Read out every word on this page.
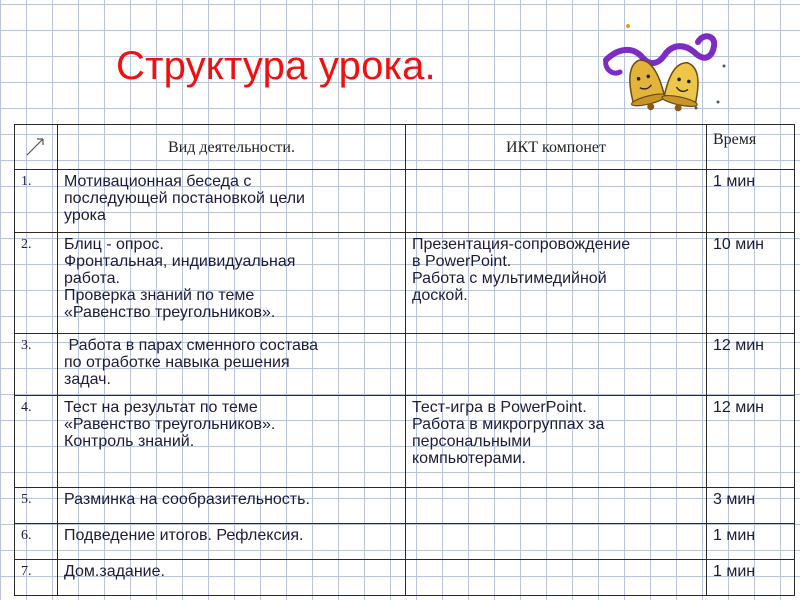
Структура урока.
	Вид деятельности.	ИКТ компонет	Время
1.	Мотивационная беседа с
последующей постановкой цели
урока		1 мин
2.	Блиц - опрос.
Фронтальная, индивидуальная
работа.
Проверка знаний по теме
«Равенство треугольников».	Презентация-сопровождение
в PowerPoint.
Работа с мультимедийной
доской.	10 мин
3.	Работа в парах сменного состава
по отработке навыка решения
задач.		12 мин
4.	Тест на результат по теме
«Равенство треугольников».
Контроль знаний.	Тест-игра в PowerPoint.
Работа в микрогруппах за
персональными
компьютерами.	12 мин
5.	Разминка на сообразительность.		3 мин
6.	Подведение итогов. Рефлексия.		1 мин
7.	Дом.задание.		1 мин
